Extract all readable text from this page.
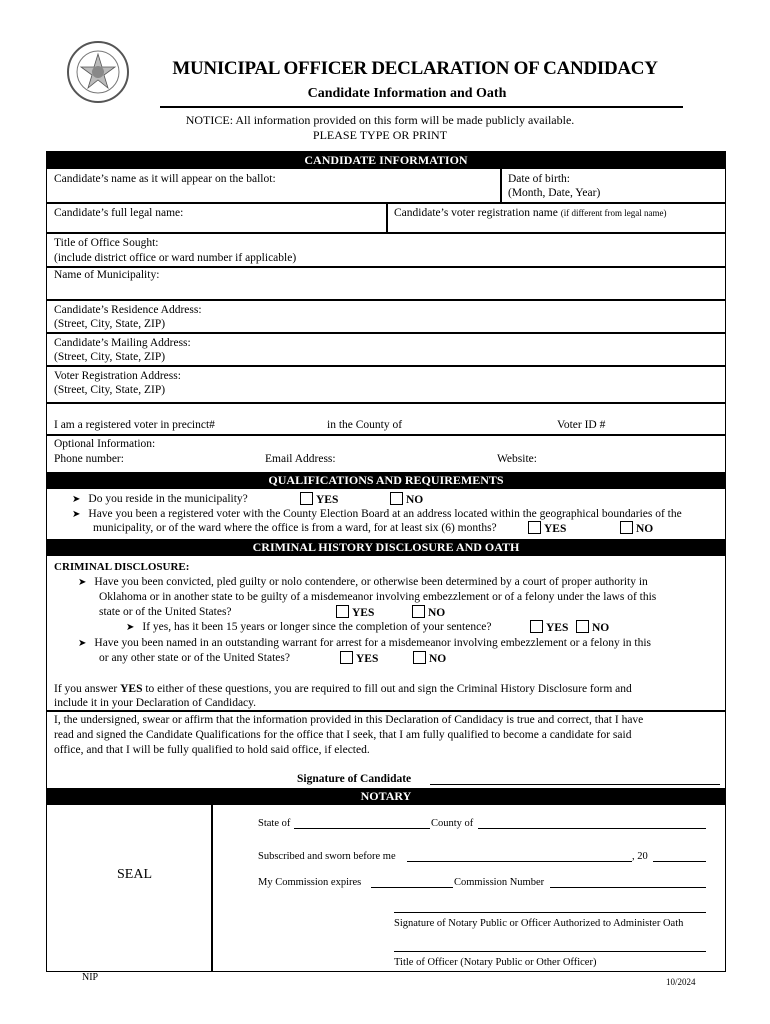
MUNICIPAL OFFICER DECLARATION OF CANDIDACY
Candidate Information and Oath
NOTICE: All information provided on this form will be made publicly available.
PLEASE TYPE OR PRINT
CANDIDATE INFORMATION
Candidate’s name as it will appear on the ballot:	Date of birth:
(Month, Date, Year)
Candidate’s full legal name:	Candidate’s voter registration name (if different from legal name)
Title of Office Sought:
(include district office or ward number if applicable)
Name of Municipality:
Candidate’s Residence Address:
(Street, City, State, ZIP)
Candidate’s Mailing Address:
(Street, City, State, ZIP)
Voter Registration Address:
(Street, City, State, ZIP)
I am a registered voter in precinct#	in the County of	Voter ID #
Optional Information:
Phone number:	Email Address:	Website:
QUALIFICATIONS AND REQUIREMENTS
➤ Do you reside in the municipality?	YES	NO
➤ Have you been a registered voter with the County Election Board at an address located within the geographical boundaries of the
municipality, or of the ward where the office is from a ward, for at least six (6) months?	YES	NO
CRIMINAL HISTORY DISCLOSURE AND OATH
CRIMINAL DISCLOSURE:
➤ Have you been convicted, pled guilty or nolo contendere, or otherwise been determined by a court of proper authority in
Oklahoma or in another state to be guilty of a misdemeanor involving embezzlement or of a felony under the laws of this
state or of the United States?	YES	NO
➤ If yes, has it been 15 years or longer since the completion of your sentence?	YES	NO
➤ Have you been named in an outstanding warrant for arrest for a misdemeanor involving embezzlement or a felony in this
or any other state or of the United States?	YES	NO
If you answer YES to either of these questions, you are required to fill out and sign the Criminal History Disclosure form and
include it in your Declaration of Candidacy.
I, the undersigned, swear or affirm that the information provided in this Declaration of Candidacy is true and correct, that I have
read and signed the Candidate Qualifications for the office that I seek, that I am fully qualified to become a candidate for said
office, and that I will be fully qualified to hold said office, if elected.
Signature of Candidate
NOTARY
SEAL
State of	County of
Subscribed and sworn before me	, 20
My Commission expires	Commission Number
Signature of Notary Public or Officer Authorized to Administer Oath
Title of Officer (Notary Public or Other Officer)
NIP	10/2024
